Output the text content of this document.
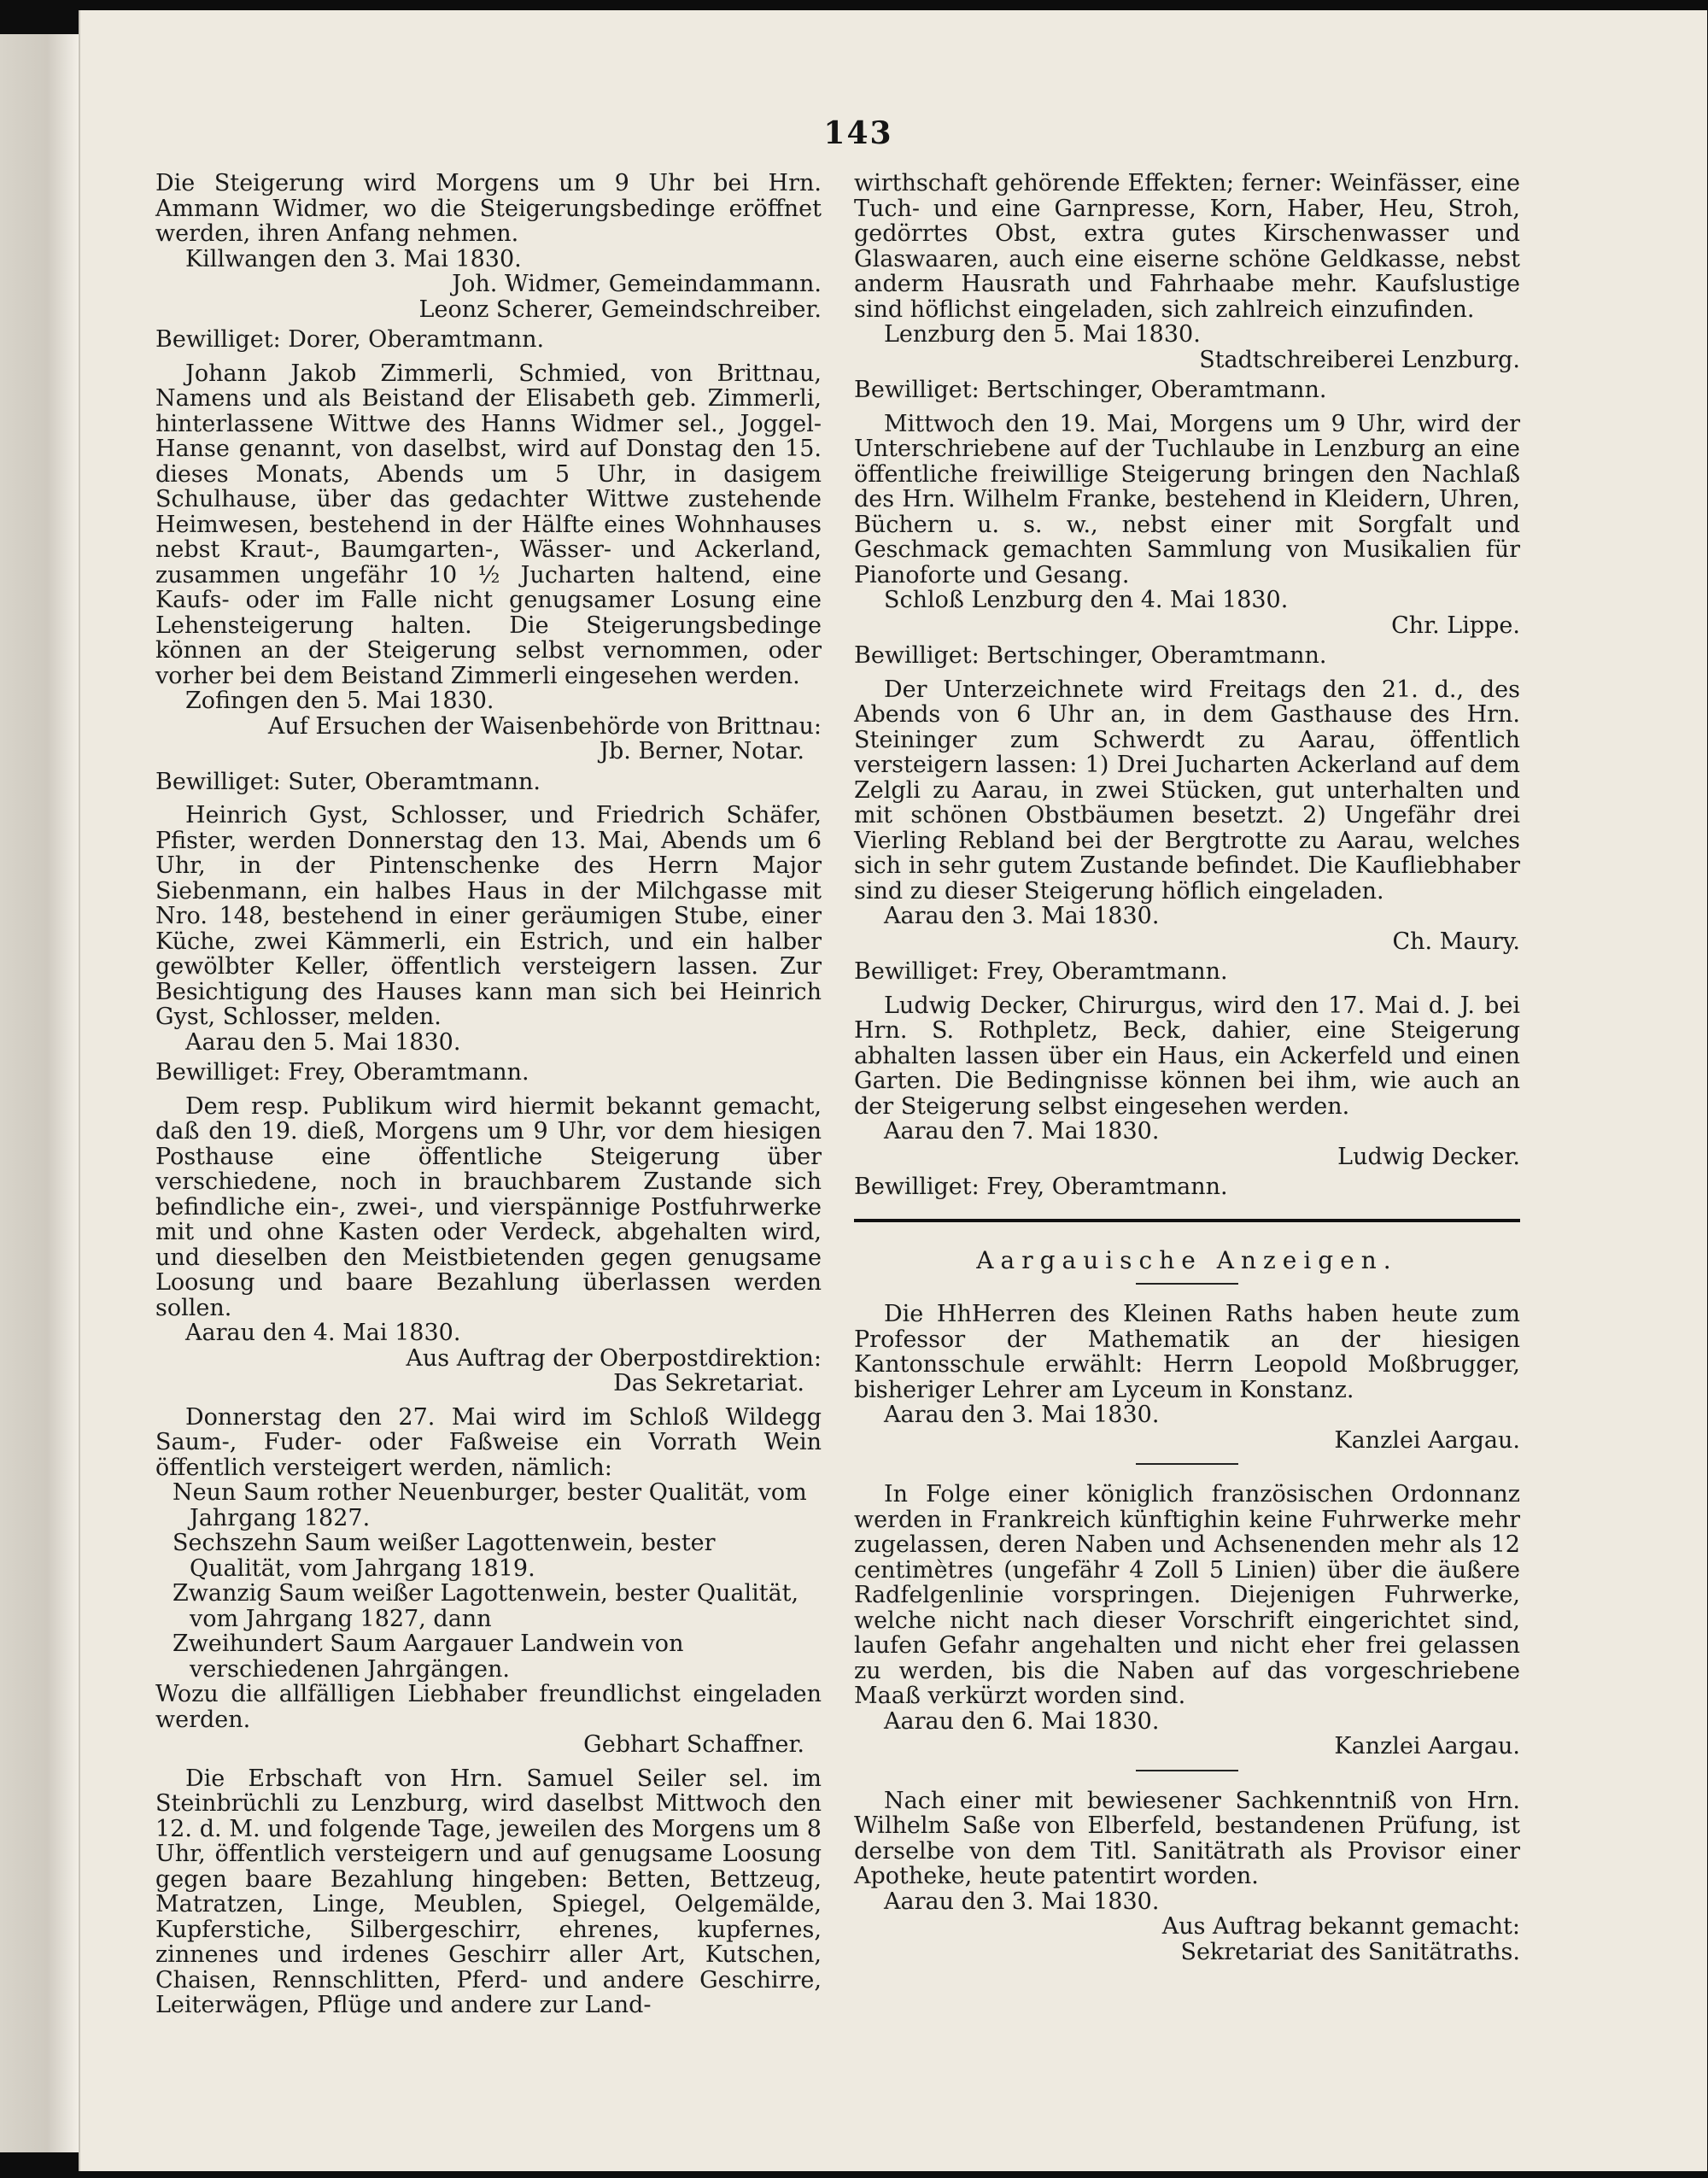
143

Die Steigerung wird Morgens um 9 Uhr bei Hrn. Ammann Widmer, wo die Steigerungsbedinge eröffnet werden, ihren Anfang nehmen.

Killwangen den 3. Mai 1830.

Joh. Widmer, Gemeindammann.

Leonz Scherer, Gemeindschreiber.

Bewilliget: Dorer, Oberamtmann.

Johann Jakob Zimmerli, Schmied, von Brittnau, Namens und als Beistand der Elisabeth geb. Zimmerli, hinterlassene Wittwe des Hanns Widmer sel., Joggel-Hanse genannt, von daselbst, wird auf Donstag den 15. dieses Monats, Abends um 5 Uhr, in dasigem Schulhause, über das gedachter Wittwe zustehende Heimwesen, bestehend in der Hälfte eines Wohnhauses nebst Kraut-, Baumgarten-, Wässer- und Ackerland, zusammen ungefähr 10 ½ Jucharten haltend, eine Kaufs- oder im Falle nicht genugsamer Losung eine Lehensteigerung halten. Die Steigerungsbedinge können an der Steigerung selbst vernommen, oder vorher bei dem Beistand Zimmerli eingesehen werden.

Zofingen den 5. Mai 1830.

Auf Ersuchen der Waisenbehörde von Brittnau:

Jb. Berner, Notar.

Bewilliget: Suter, Oberamtmann.

Heinrich Gyst, Schlosser, und Friedrich Schäfer, Pfister, werden Donnerstag den 13. Mai, Abends um 6 Uhr, in der Pintenschenke des Herrn Major Siebenmann, ein halbes Haus in der Milchgasse mit Nro. 148, bestehend in einer geräumigen Stube, einer Küche, zwei Kämmerli, ein Estrich, und ein halber gewölbter Keller, öffentlich versteigern lassen. Zur Besichtigung des Hauses kann man sich bei Heinrich Gyst, Schlosser, melden.

Aarau den 5. Mai 1830.

Bewilliget: Frey, Oberamtmann.

Dem resp. Publikum wird hiermit bekannt gemacht, daß den 19. dieß, Morgens um 9 Uhr, vor dem hiesigen Posthause eine öffentliche Steigerung über verschiedene, noch in brauchbarem Zustande sich befindliche ein-, zwei-, und vierspännige Postfuhrwerke mit und ohne Kasten oder Verdeck, abgehalten wird, und dieselben den Meistbietenden gegen genugsame Loosung und baare Bezahlung überlassen werden sollen.

Aarau den 4. Mai 1830.

Aus Auftrag der Oberpostdirektion:

Das Sekretariat.

Donnerstag den 27. Mai wird im Schloß Wildegg Saum-, Fuder- oder Faßweise ein Vorrath Wein öffentlich versteigert werden, nämlich:

Neun Saum rother Neuenburger, bester Qualität, vom Jahrgang 1827.

Sechszehn Saum weißer Lagottenwein, bester Qualität, vom Jahrgang 1819.

Zwanzig Saum weißer Lagottenwein, bester Qualität, vom Jahrgang 1827, dann

Zweihundert Saum Aargauer Landwein von verschiedenen Jahrgängen.

Wozu die allfälligen Liebhaber freundlichst eingeladen werden.

Gebhart Schaffner.

Die Erbschaft von Hrn. Samuel Seiler sel. im Steinbrüchli zu Lenzburg, wird daselbst Mittwoch den 12. d. M. und folgende Tage, jeweilen des Morgens um 8 Uhr, öffentlich versteigern und auf genugsame Loosung gegen baare Bezahlung hingeben: Betten, Bettzeug, Matratzen, Linge, Meublen, Spiegel, Oelgemälde, Kupferstiche, Silbergeschirr, ehrenes, kupfernes, zinnenes und irdenes Geschirr aller Art, Kutschen, Chaisen, Rennschlitten, Pferd- und andere Geschirre, Leiterwägen, Pflüge und andere zur Land-

wirthschaft gehörende Effekten; ferner: Weinfässer, eine Tuch- und eine Garnpresse, Korn, Haber, Heu, Stroh, gedörrtes Obst, extra gutes Kirschenwasser und Glaswaaren, auch eine eiserne schöne Geldkasse, nebst anderm Hausrath und Fahrhaabe mehr. Kaufslustige sind höflichst eingeladen, sich zahlreich einzufinden.

Lenzburg den 5. Mai 1830.

Stadtschreiberei Lenzburg.

Bewilliget: Bertschinger, Oberamtmann.

Mittwoch den 19. Mai, Morgens um 9 Uhr, wird der Unterschriebene auf der Tuchlaube in Lenzburg an eine öffentliche freiwillige Steigerung bringen den Nachlaß des Hrn. Wilhelm Franke, bestehend in Kleidern, Uhren, Büchern u. s. w., nebst einer mit Sorgfalt und Geschmack gemachten Sammlung von Musikalien für Pianoforte und Gesang.

Schloß Lenzburg den 4. Mai 1830.

Chr. Lippe.

Bewilliget: Bertschinger, Oberamtmann.

Der Unterzeichnete wird Freitags den 21. d., des Abends von 6 Uhr an, in dem Gasthause des Hrn. Steininger zum Schwerdt zu Aarau, öffentlich versteigern lassen: 1) Drei Jucharten Ackerland auf dem Zelgli zu Aarau, in zwei Stücken, gut unterhalten und mit schönen Obstbäumen besetzt. 2) Ungefähr drei Vierling Rebland bei der Bergtrotte zu Aarau, welches sich in sehr gutem Zustande befindet. Die Kaufliebhaber sind zu dieser Steigerung höflich eingeladen.

Aarau den 3. Mai 1830.

Ch. Maury.

Bewilliget: Frey, Oberamtmann.

Ludwig Decker, Chirurgus, wird den 17. Mai d. J. bei Hrn. S. Rothpletz, Beck, dahier, eine Steigerung abhalten lassen über ein Haus, ein Ackerfeld und einen Garten. Die Bedingnisse können bei ihm, wie auch an der Steigerung selbst eingesehen werden.

Aarau den 7. Mai 1830.

Ludwig Decker.

Bewilliget: Frey, Oberamtmann.

Aargauische Anzeigen.

Die HhHerren des Kleinen Raths haben heute zum Professor der Mathematik an der hiesigen Kantonsschule erwählt: Herrn Leopold Moßbrugger, bisheriger Lehrer am Lyceum in Konstanz.

Aarau den 3. Mai 1830.

Kanzlei Aargau.

In Folge einer königlich französischen Ordonnanz werden in Frankreich künftighin keine Fuhrwerke mehr zugelassen, deren Naben und Achsenenden mehr als 12 centimètres (ungefähr 4 Zoll 5 Linien) über die äußere Radfelgenlinie vorspringen. Diejenigen Fuhrwerke, welche nicht nach dieser Vorschrift eingerichtet sind, laufen Gefahr angehalten und nicht eher frei gelassen zu werden, bis die Naben auf das vorgeschriebene Maaß verkürzt worden sind.

Aarau den 6. Mai 1830.

Kanzlei Aargau.

Nach einer mit bewiesener Sachkenntniß von Hrn. Wilhelm Saße von Elberfeld, bestandenen Prüfung, ist derselbe von dem Titl. Sanitätrath als Provisor einer Apotheke, heute patentirt worden.

Aarau den 3. Mai 1830.

Aus Auftrag bekannt gemacht:

Sekretariat des Sanitätraths.
